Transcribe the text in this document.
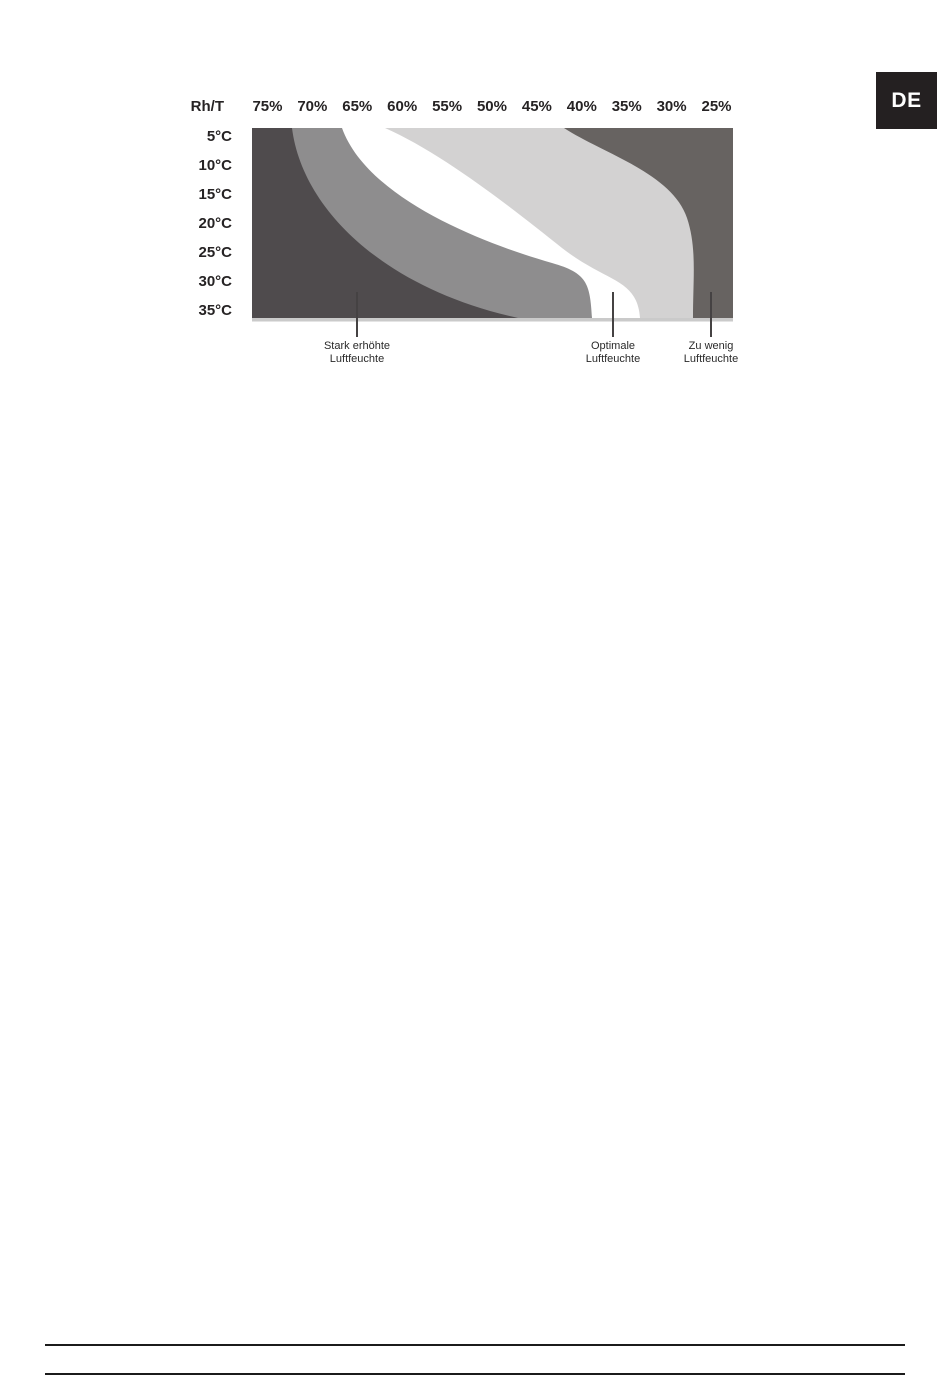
DE
Rh/T	75% 70% 65% 60% 55% 50% 45% 40% 35% 30% 25%
5°C
10°C
15°C
20°C
25°C
30°C
35°C
Stark erhöhte
Luftfeuchte
Optimale
Luftfeuchte
Zu wenig
Luftfeuchte
